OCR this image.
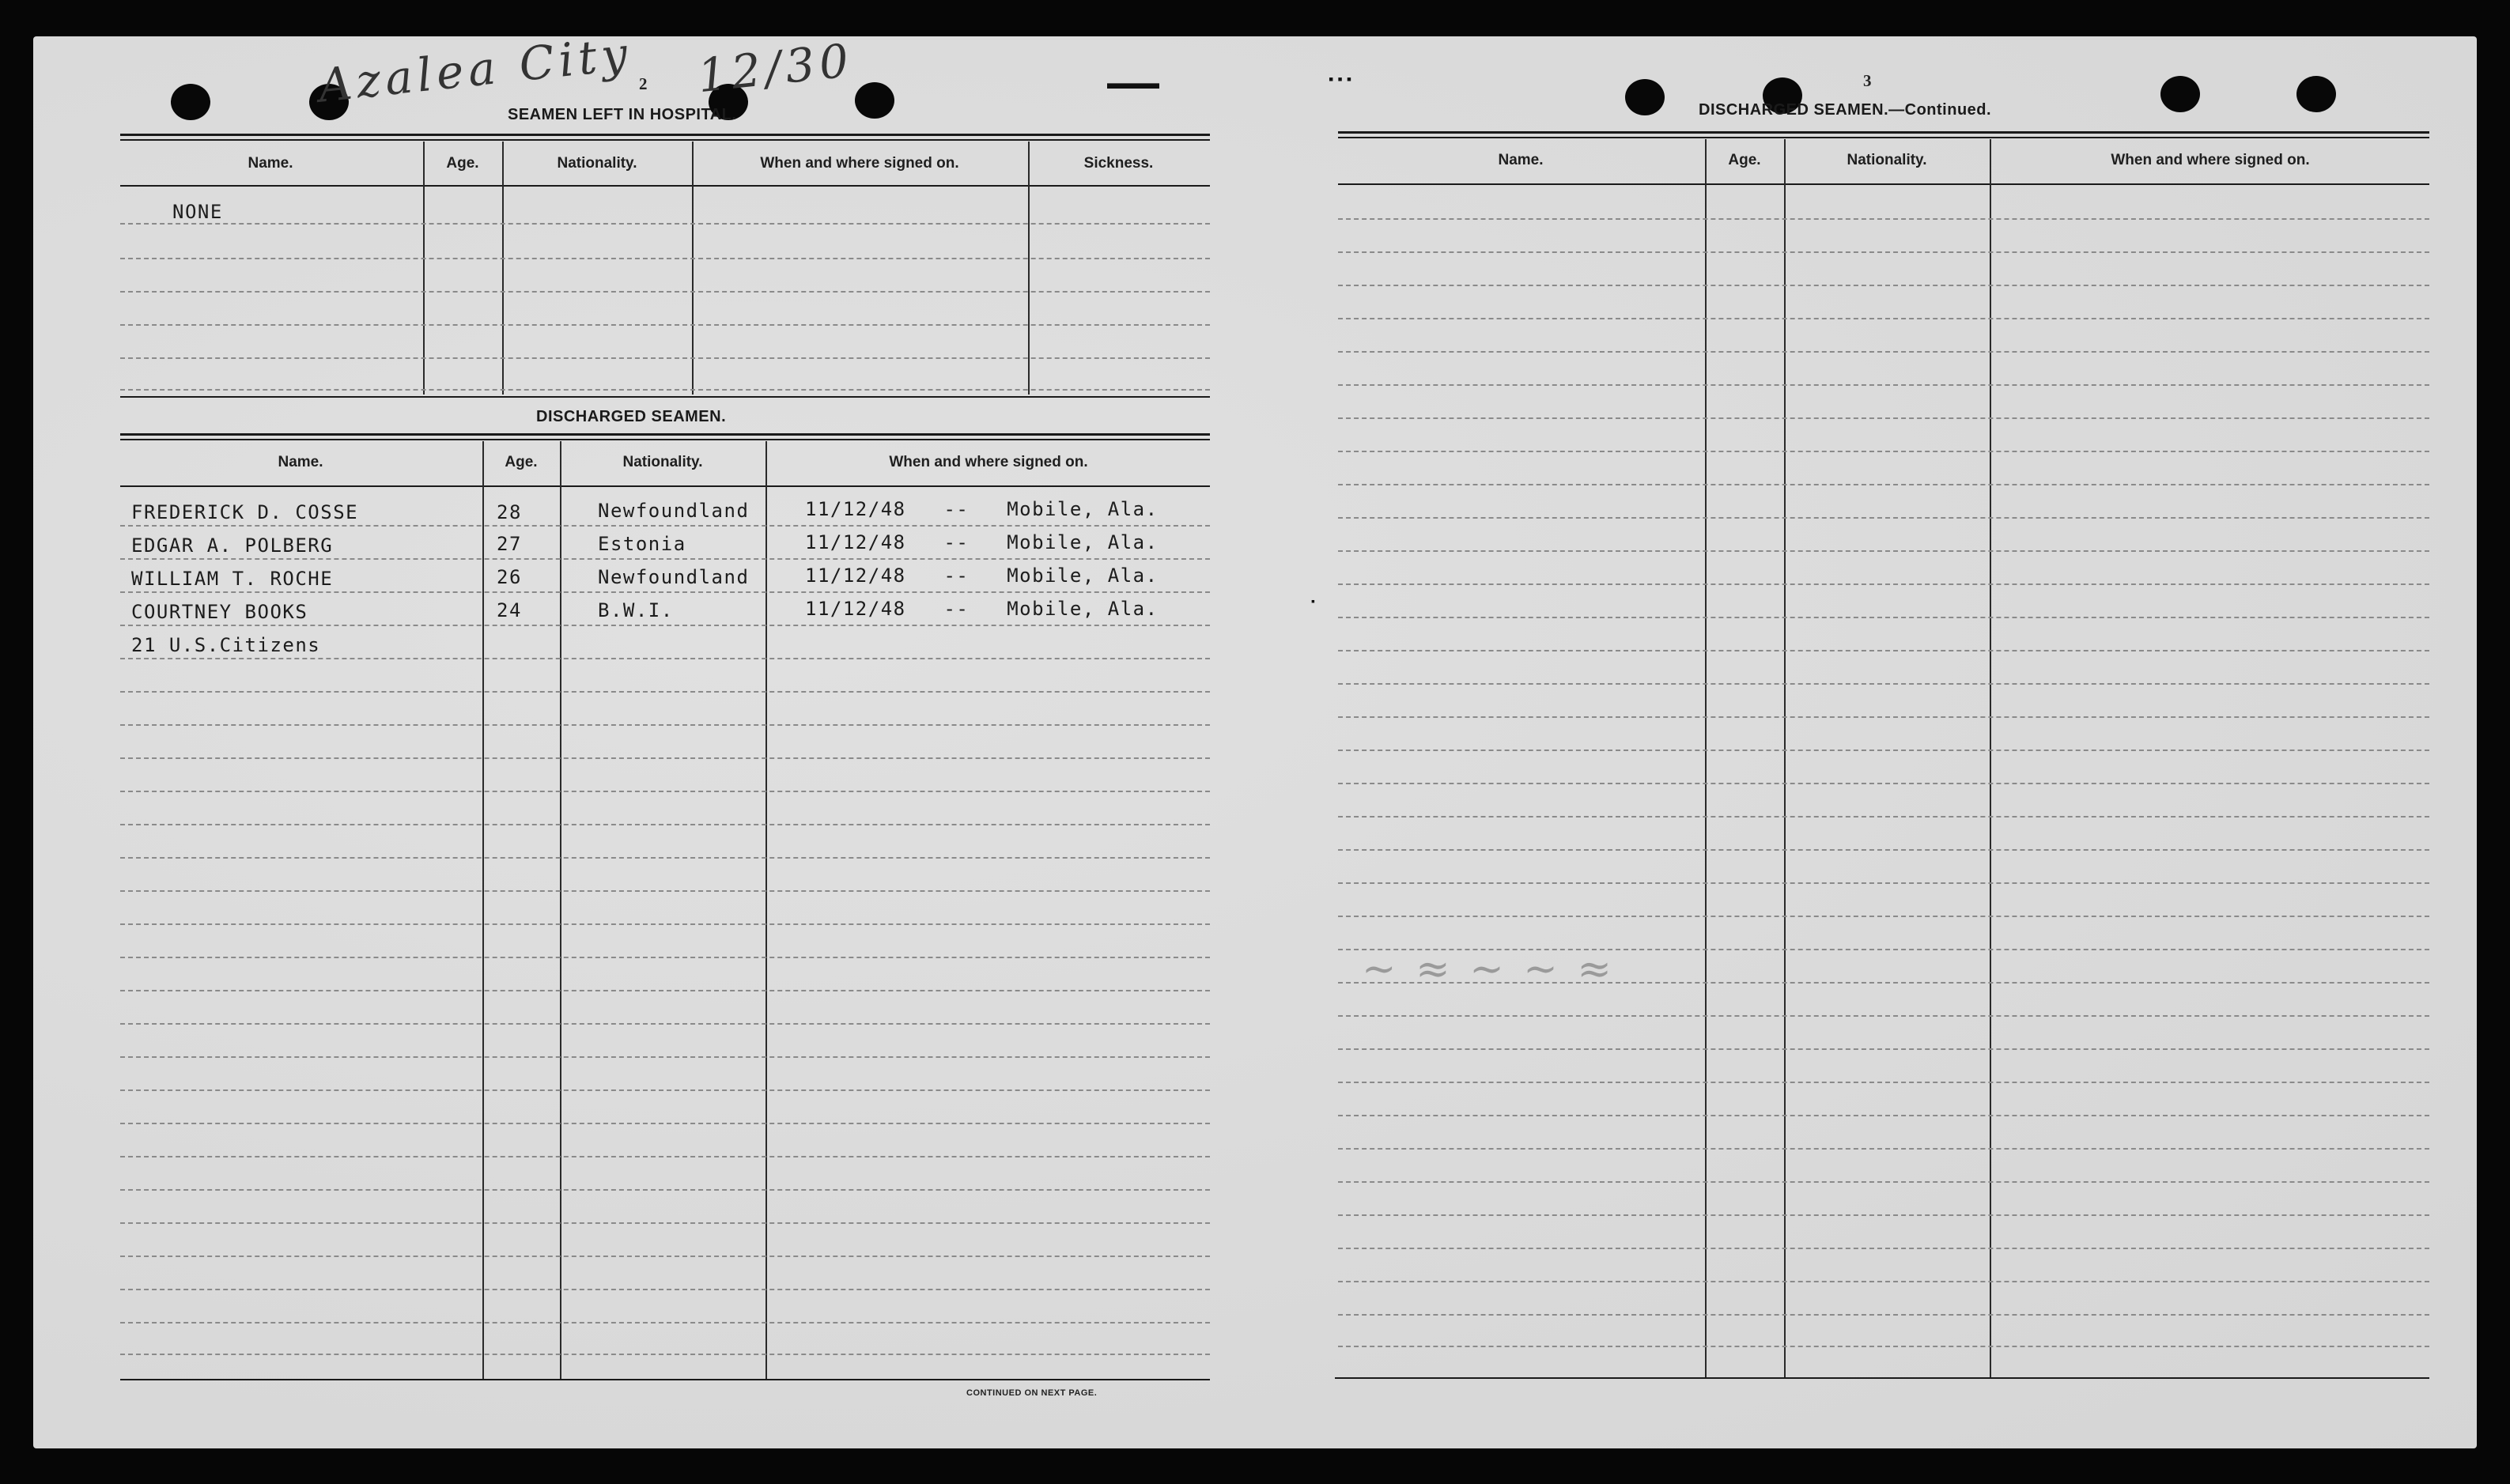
Azalea City 12/30	▬▬▬	▪ ▪ ▪
2
SEAMEN LEFT IN HOSPITAL.
Name.	Age.	Nationality.	When and where signed on.	Sickness.
NONE
DISCHARGED SEAMEN.
Name.	Age.	Nationality.	When and where signed on.
FREDERICK D. COSSE	28	Newfoundland	11/12/48   --   Mobile, Ala.
EDGAR A. POLBERG	27	Estonia	11/12/48   --   Mobile, Ala.
WILLIAM T. ROCHE	26	Newfoundland	11/12/48   --   Mobile, Ala.
COURTNEY BOOKS	24	B.W.I.	11/12/48   --   Mobile, Ala.
21 U.S.Citizens
CONTINUED ON NEXT PAGE.
3
DISCHARGED SEAMEN.—Continued.
Name.	Age.	Nationality.	When and where signed on.
~ ≈ ∼ ~ ≈
▪
